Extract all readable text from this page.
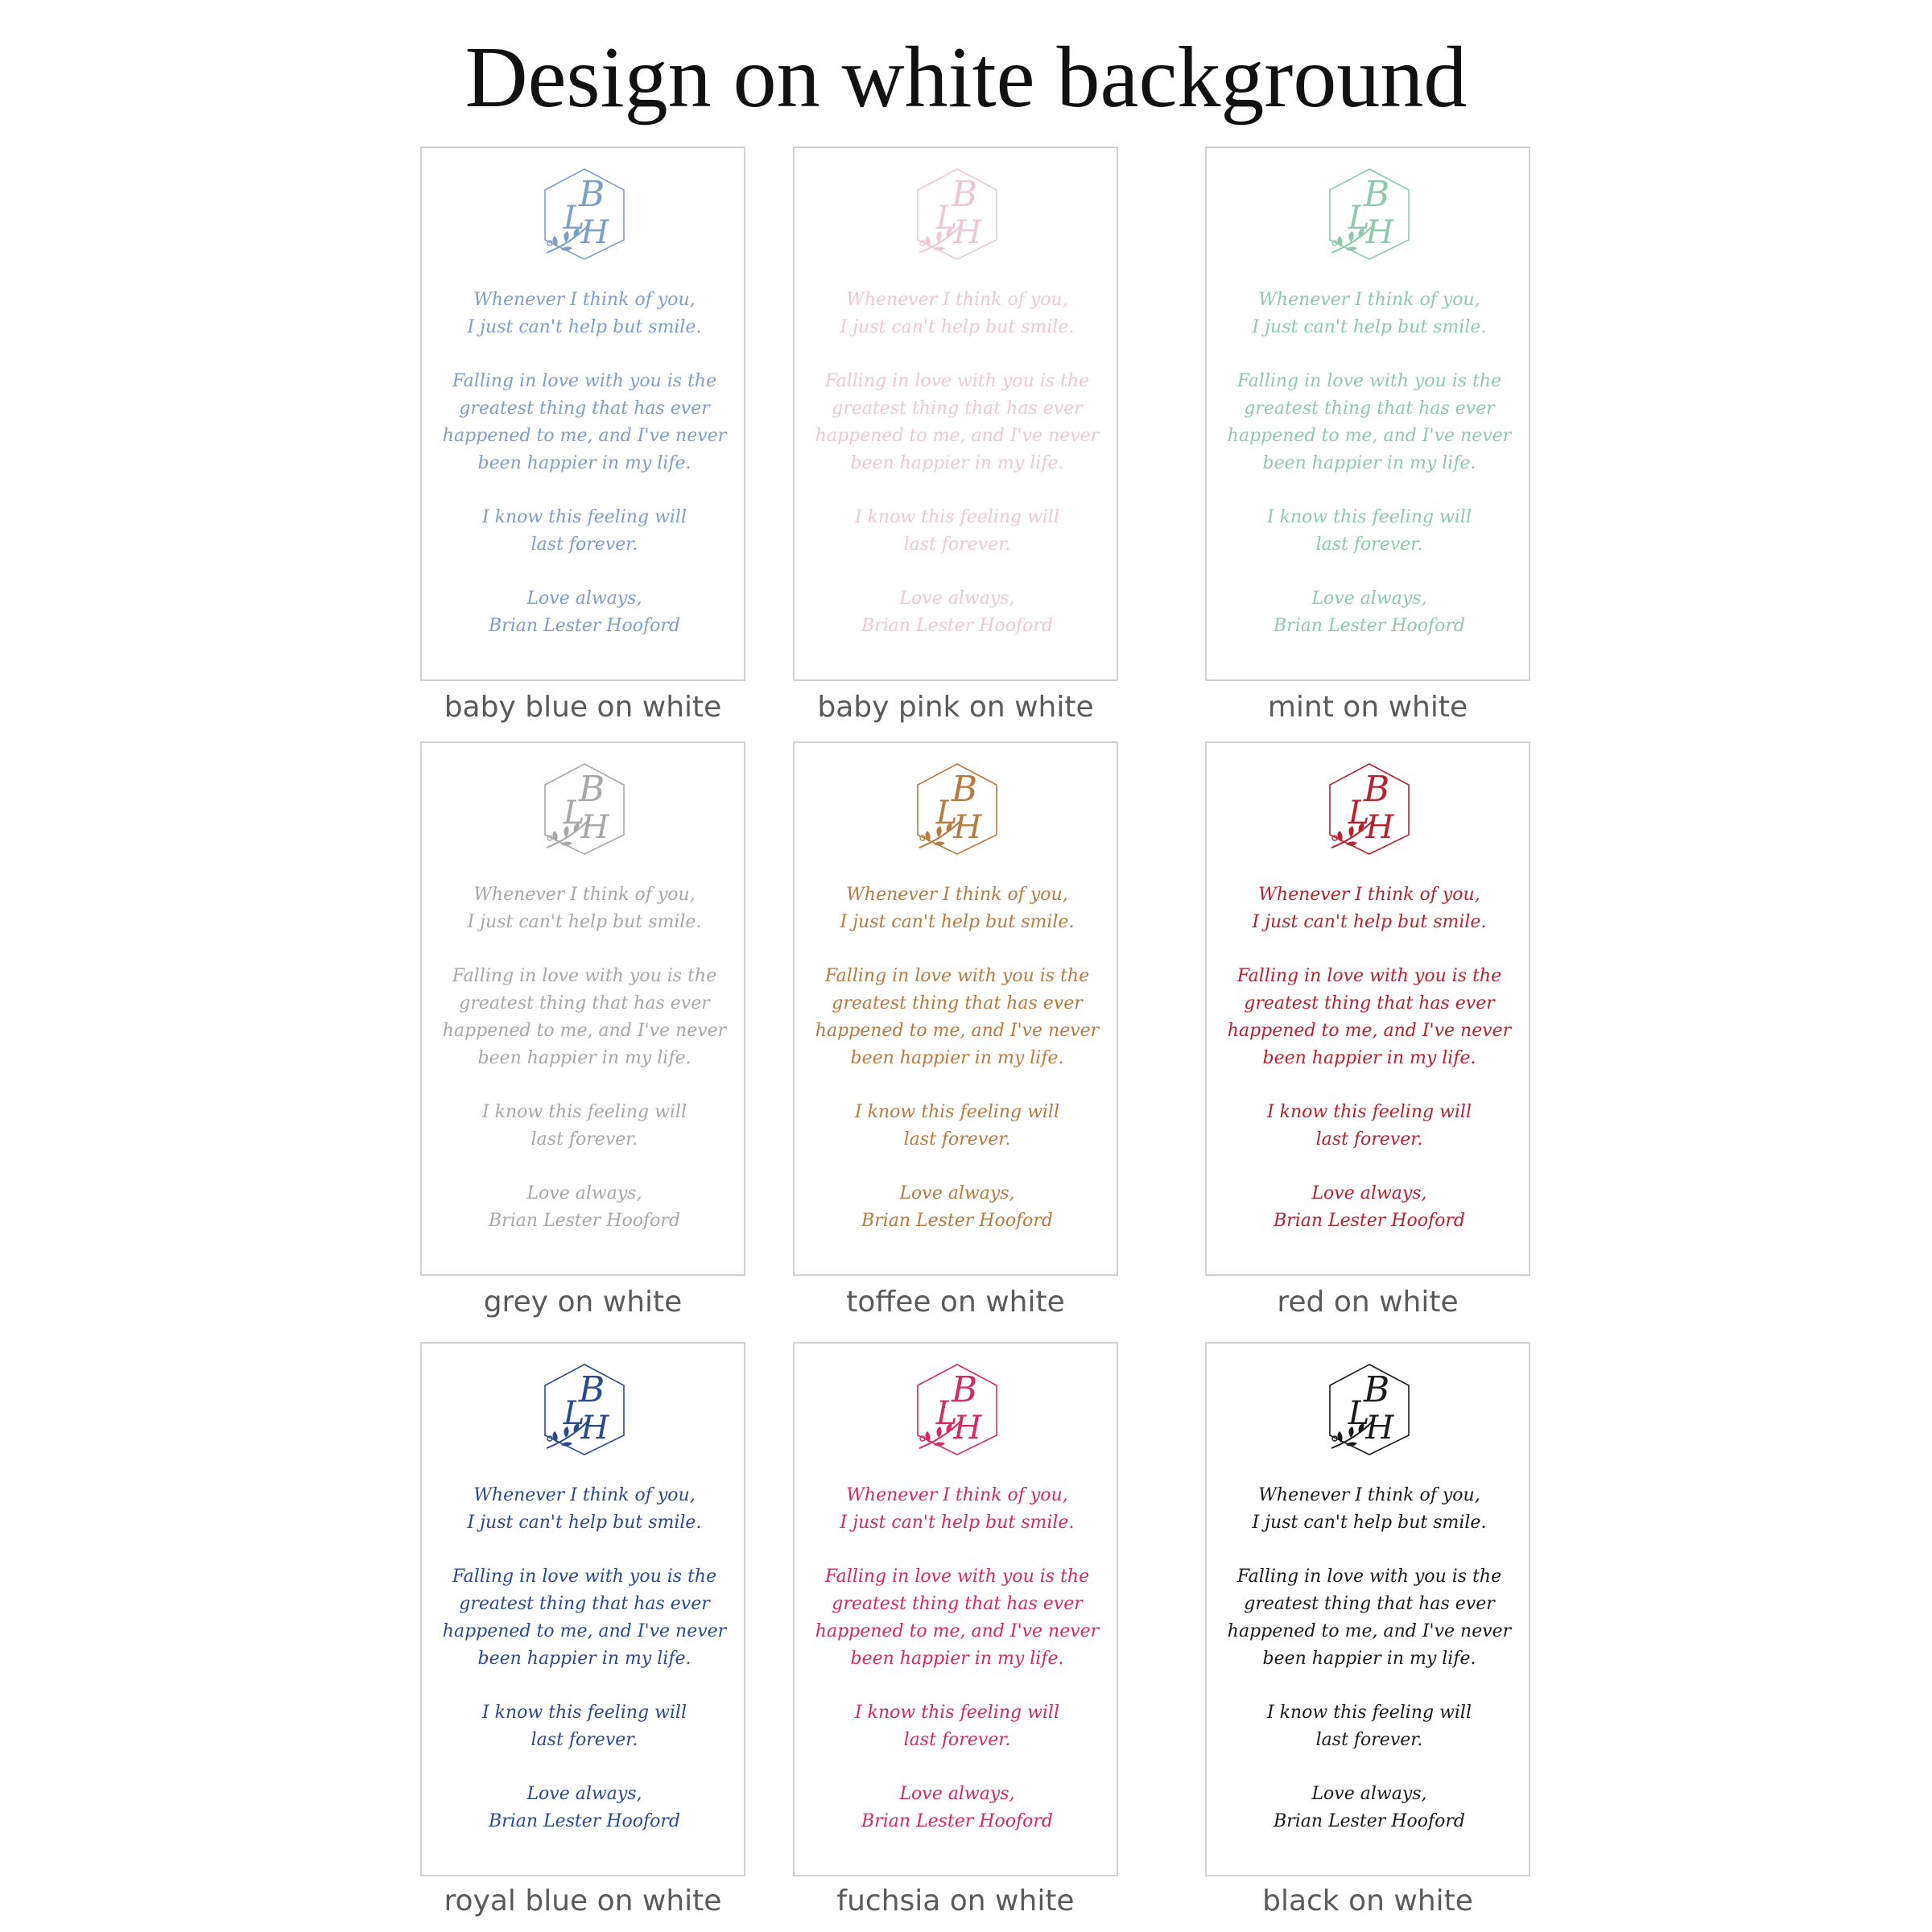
Design on white background
B
L
H
Whenever I think of you,
I just can't help but smile.
Falling in love with you is the
greatest thing that has ever
happened to me, and I've never
been happier in my life.
I know this feeling will
last forever.
Love always,
Brian Lester Hooford
baby blue on white
B
L
H
Whenever I think of you,
I just can't help but smile.
Falling in love with you is the
greatest thing that has ever
happened to me, and I've never
been happier in my life.
I know this feeling will
last forever.
Love always,
Brian Lester Hooford
baby pink on white
B
L
H
Whenever I think of you,
I just can't help but smile.
Falling in love with you is the
greatest thing that has ever
happened to me, and I've never
been happier in my life.
I know this feeling will
last forever.
Love always,
Brian Lester Hooford
mint on white
B
L
H
Whenever I think of you,
I just can't help but smile.
Falling in love with you is the
greatest thing that has ever
happened to me, and I've never
been happier in my life.
I know this feeling will
last forever.
Love always,
Brian Lester Hooford
grey on white
B
L
H
Whenever I think of you,
I just can't help but smile.
Falling in love with you is the
greatest thing that has ever
happened to me, and I've never
been happier in my life.
I know this feeling will
last forever.
Love always,
Brian Lester Hooford
toffee on white
B
L
H
Whenever I think of you,
I just can't help but smile.
Falling in love with you is the
greatest thing that has ever
happened to me, and I've never
been happier in my life.
I know this feeling will
last forever.
Love always,
Brian Lester Hooford
red on white
B
L
H
Whenever I think of you,
I just can't help but smile.
Falling in love with you is the
greatest thing that has ever
happened to me, and I've never
been happier in my life.
I know this feeling will
last forever.
Love always,
Brian Lester Hooford
royal blue on white
B
L
H
Whenever I think of you,
I just can't help but smile.
Falling in love with you is the
greatest thing that has ever
happened to me, and I've never
been happier in my life.
I know this feeling will
last forever.
Love always,
Brian Lester Hooford
fuchsia on white
B
L
H
Whenever I think of you,
I just can't help but smile.
Falling in love with you is the
greatest thing that has ever
happened to me, and I've never
been happier in my life.
I know this feeling will
last forever.
Love always,
Brian Lester Hooford
black on white
